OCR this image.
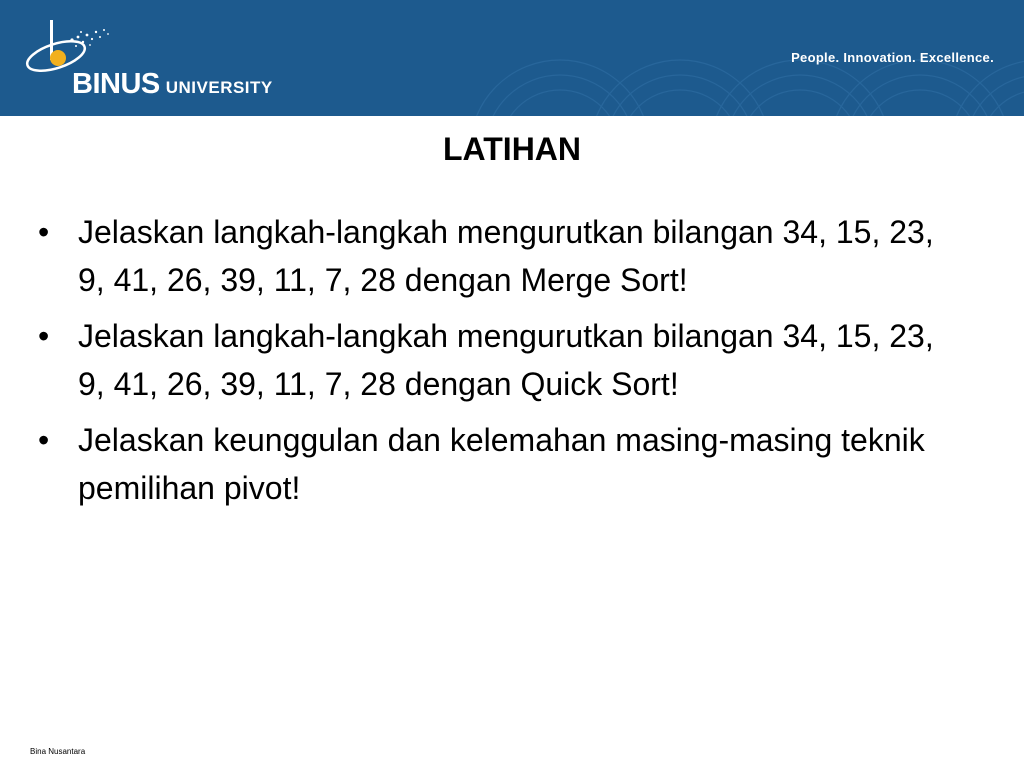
BINUS UNIVERSITY
People. Innovation. Excellence.
LATIHAN
• Jelaskan langkah-langkah mengurutkan bilangan 34, 15, 23, 9, 41, 26, 39, 11, 7, 28 dengan Merge Sort!
• Jelaskan langkah-langkah mengurutkan bilangan 34, 15, 23, 9, 41, 26, 39, 11, 7, 28 dengan Quick Sort!
• Jelaskan keunggulan dan kelemahan masing-masing teknik pemilihan pivot!
Bina Nusantara
